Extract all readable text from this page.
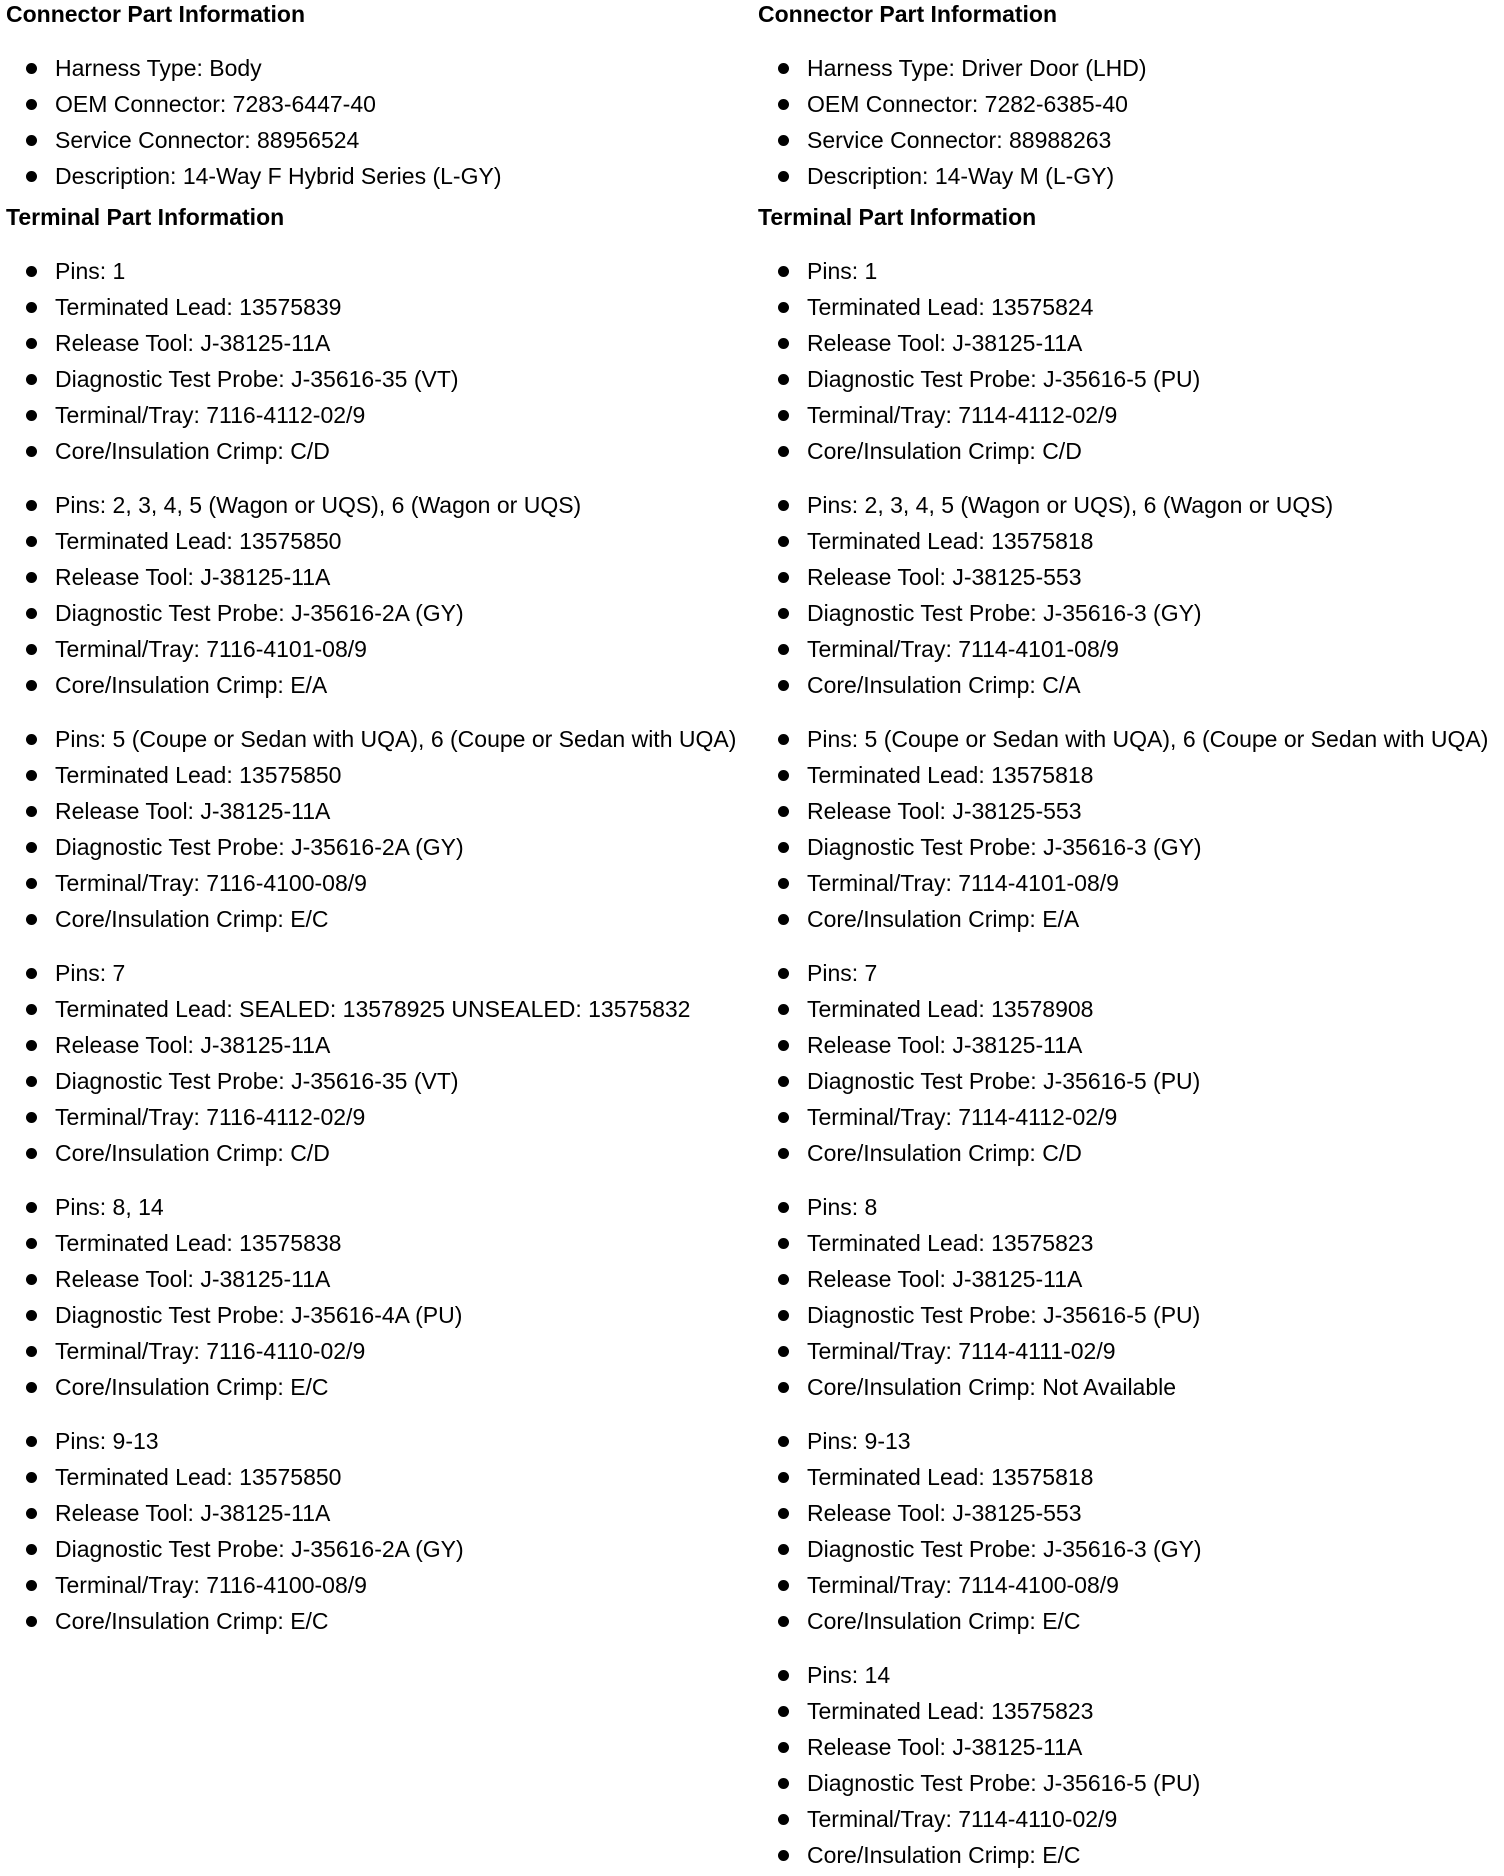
Connector Part Information
Harness Type: Body
OEM Connector: 7283-6447-40
Service Connector: 88956524
Description: 14-Way F Hybrid Series (L-GY)
Terminal Part Information
Pins: 1
Terminated Lead: 13575839
Release Tool: J-38125-11A
Diagnostic Test Probe: J-35616-35 (VT)
Terminal/Tray: 7116-4112-02/9
Core/Insulation Crimp: C/D
Pins: 2, 3, 4, 5 (Wagon or UQS), 6 (Wagon or UQS)
Terminated Lead: 13575850
Release Tool: J-38125-11A
Diagnostic Test Probe: J-35616-2A (GY)
Terminal/Tray: 7116-4101-08/9
Core/Insulation Crimp: E/A
Pins: 5 (Coupe or Sedan with UQA), 6 (Coupe or Sedan with UQA)
Terminated Lead: 13575850
Release Tool: J-38125-11A
Diagnostic Test Probe: J-35616-2A (GY)
Terminal/Tray: 7116-4100-08/9
Core/Insulation Crimp: E/C
Pins: 7
Terminated Lead: SEALED: 13578925 UNSEALED: 13575832
Release Tool: J-38125-11A
Diagnostic Test Probe: J-35616-35 (VT)
Terminal/Tray: 7116-4112-02/9
Core/Insulation Crimp: C/D
Pins: 8, 14
Terminated Lead: 13575838
Release Tool: J-38125-11A
Diagnostic Test Probe: J-35616-4A (PU)
Terminal/Tray: 7116-4110-02/9
Core/Insulation Crimp: E/C
Pins: 9-13
Terminated Lead: 13575850
Release Tool: J-38125-11A
Diagnostic Test Probe: J-35616-2A (GY)
Terminal/Tray: 7116-4100-08/9
Core/Insulation Crimp: E/C
Connector Part Information
Harness Type: Driver Door (LHD)
OEM Connector: 7282-6385-40
Service Connector: 88988263
Description: 14-Way M (L-GY)
Terminal Part Information
Pins: 1
Terminated Lead: 13575824
Release Tool: J-38125-11A
Diagnostic Test Probe: J-35616-5 (PU)
Terminal/Tray: 7114-4112-02/9
Core/Insulation Crimp: C/D
Pins: 2, 3, 4, 5 (Wagon or UQS), 6 (Wagon or UQS)
Terminated Lead: 13575818
Release Tool: J-38125-553
Diagnostic Test Probe: J-35616-3 (GY)
Terminal/Tray: 7114-4101-08/9
Core/Insulation Crimp: C/A
Pins: 5 (Coupe or Sedan with UQA), 6 (Coupe or Sedan with UQA)
Terminated Lead: 13575818
Release Tool: J-38125-553
Diagnostic Test Probe: J-35616-3 (GY)
Terminal/Tray: 7114-4101-08/9
Core/Insulation Crimp: E/A
Pins: 7
Terminated Lead: 13578908
Release Tool: J-38125-11A
Diagnostic Test Probe: J-35616-5 (PU)
Terminal/Tray: 7114-4112-02/9
Core/Insulation Crimp: C/D
Pins: 8
Terminated Lead: 13575823
Release Tool: J-38125-11A
Diagnostic Test Probe: J-35616-5 (PU)
Terminal/Tray: 7114-4111-02/9
Core/Insulation Crimp: Not Available
Pins: 9-13
Terminated Lead: 13575818
Release Tool: J-38125-553
Diagnostic Test Probe: J-35616-3 (GY)
Terminal/Tray: 7114-4100-08/9
Core/Insulation Crimp: E/C
Pins: 14
Terminated Lead: 13575823
Release Tool: J-38125-11A
Diagnostic Test Probe: J-35616-5 (PU)
Terminal/Tray: 7114-4110-02/9
Core/Insulation Crimp: E/C
